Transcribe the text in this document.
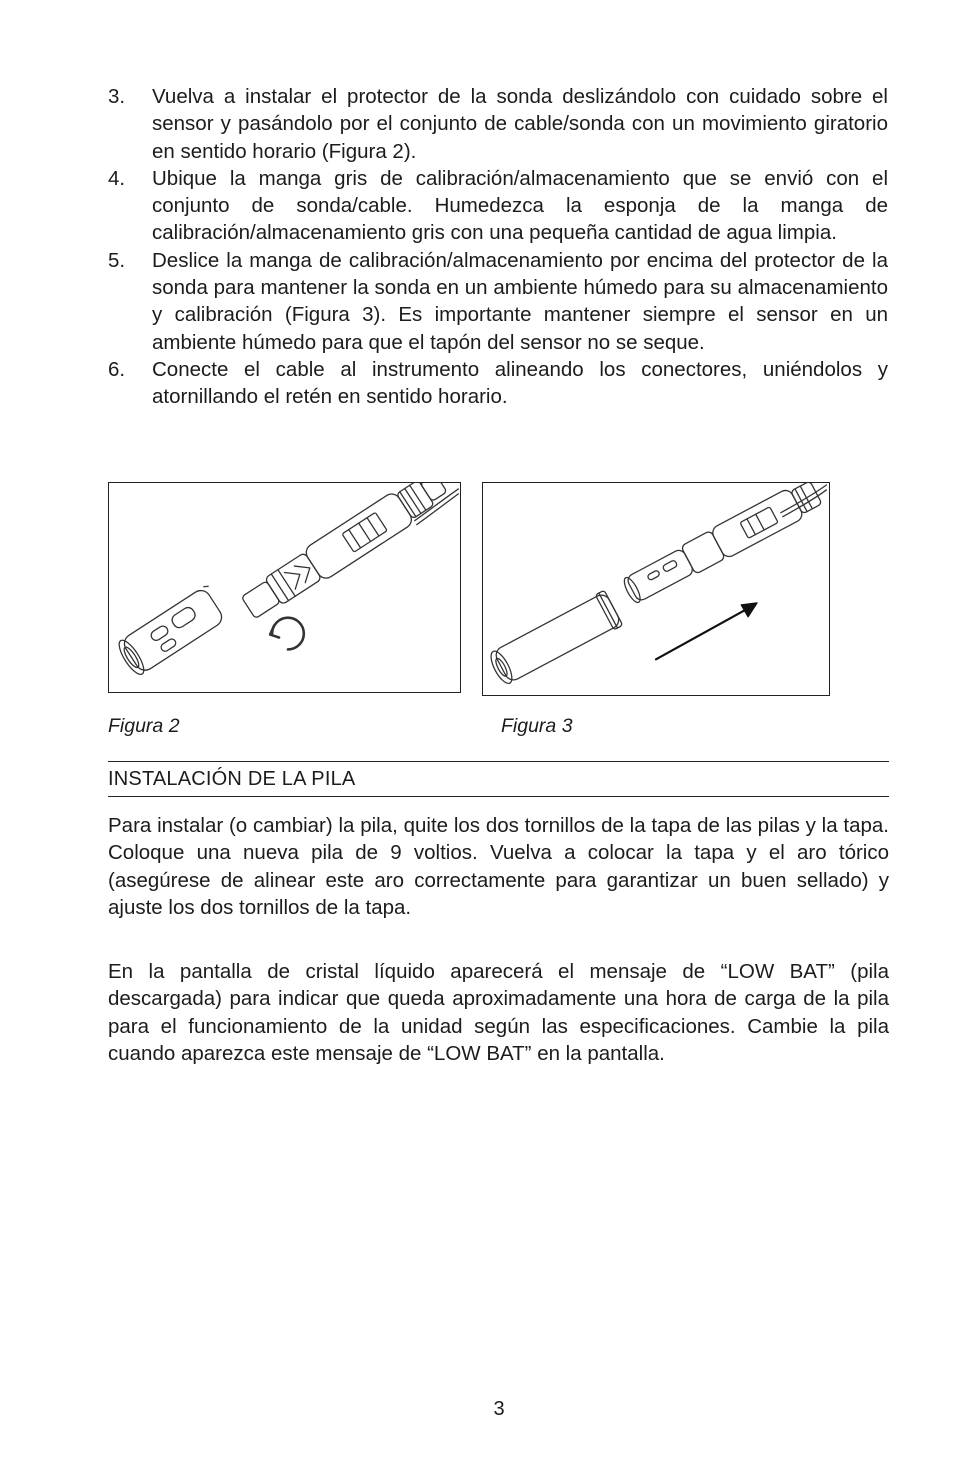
3.	Vuelva a instalar el protector de la sonda deslizándolo con cuidado sobre el sensor y pasándolo por el conjunto de cable/sonda con un movimiento giratorio en sentido horario (Figura 2).
4.	Ubique la manga gris de calibración/almacenamiento que se envió con el conjunto de sonda/cable. Humedezca la esponja de la manga de calibración/almacenamiento gris con una pequeña cantidad de agua limpia.
5.	Deslice la manga de calibración/almacenamiento por encima del protector de la sonda para mantener la sonda en un ambiente húmedo para su almacenamiento y calibración (Figura 3). Es importante mantener siempre el sensor en un ambiente húmedo para que el tapón del sensor no se seque.
6.	Conecte el cable al instrumento alineando los conectores, uniéndolos y atornillando el retén en sentido horario.
Figura 2	Figura 3
INSTALACIÓN DE LA PILA

Para instalar (o cambiar) la pila, quite los dos tornillos de la tapa de las pilas y la tapa. Coloque una nueva pila de 9 voltios. Vuelva a colocar la tapa y el aro tórico (asegúrese de alinear este aro correctamente para garantizar un buen sellado) y ajuste los dos tornillos de la tapa.

En la pantalla de cristal líquido aparecerá el mensaje de “LOW BAT” (pila descargada) para indicar que queda aproximadamente una hora de carga de la pila para el funcionamiento de la unidad según las especificaciones. Cambie la pila cuando aparezca este mensaje de “LOW BAT” en la pantalla.

3
